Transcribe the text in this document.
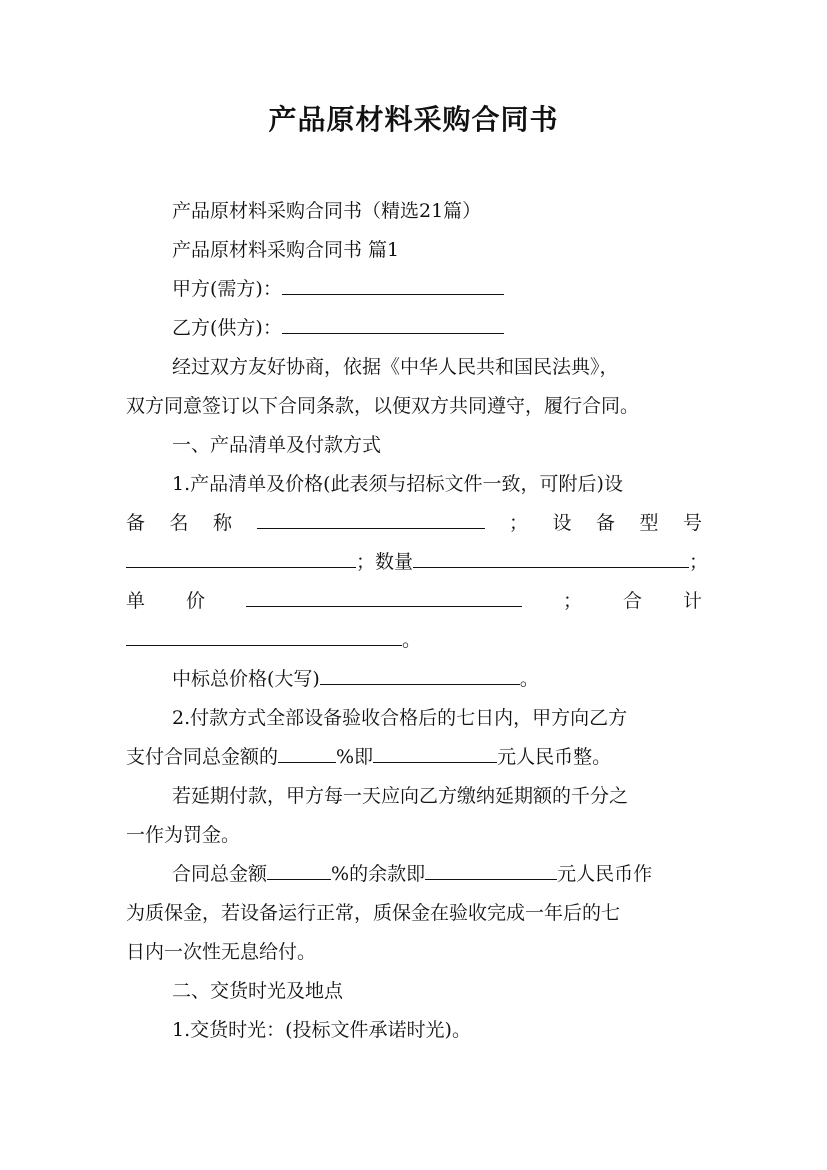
产品原材料采购合同书
产品原材料采购合同书（精选21篇）
产品原材料采购合同书 篇1
甲方(需方)：
乙方(供方)：
经过双方友好协商，依据《中华人民共和国民法典》，
双方同意签订以下合同条款，以便双方共同遵守，履行合同。
一、产品清单及付款方式
1.产品清单及价格(此表须与招标文件一致，可附后)设
备 名 称	； 设 备 型 号
；数量	；
单 价	； 合 计
。
中标总价格(大写)	。
2.付款方式全部设备验收合格后的七日内，甲方向乙方
支付合同总金额的	%即	元人民币整。
若延期付款，甲方每一天应向乙方缴纳延期额的千分之
一作为罚金。
合同总金额	%的余款即	元人民币作
为质保金，若设备运行正常，质保金在验收完成一年后的七
日内一次性无息给付。
二、交货时光及地点
1.交货时光：(投标文件承诺时光)。
